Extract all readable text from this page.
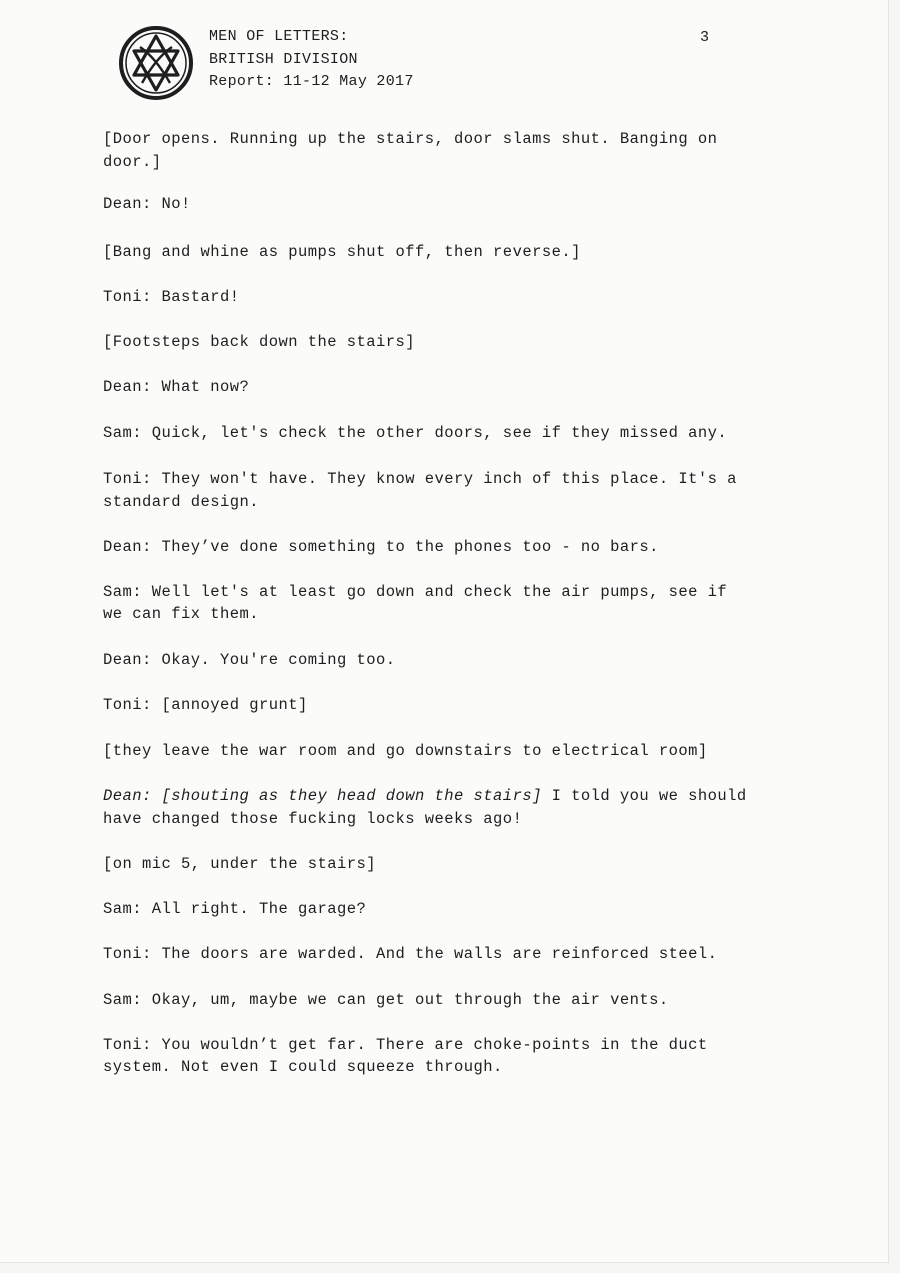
MEN OF LETTERS:
BRITISH DIVISION
Report: 11-12 May 2017
3
[Door opens. Running up the stairs, door slams shut. Banging on
door.]
Dean: No!
[Bang and whine as pumps shut off, then reverse.]
Toni: Bastard!
[Footsteps back down the stairs]
Dean: What now?
Sam: Quick, let's check the other doors, see if they missed any.
Toni: They won't have. They know every inch of this place. It's a
standard design.
Dean: They’ve done something to the phones too - no bars.
Sam: Well let's at least go down and check the air pumps, see if
we can fix them.
Dean: Okay. You're coming too.
Toni: [annoyed grunt]
[they leave the war room and go downstairs to electrical room]
Dean: [shouting as they head down the stairs] I told you we should
have changed those fucking locks weeks ago!
[on mic 5, under the stairs]
Sam: All right. The garage?
Toni: The doors are warded. And the walls are reinforced steel.
Sam: Okay, um, maybe we can get out through the air vents.
Toni: You wouldn’t get far. There are choke-points in the duct
system. Not even I could squeeze through.
